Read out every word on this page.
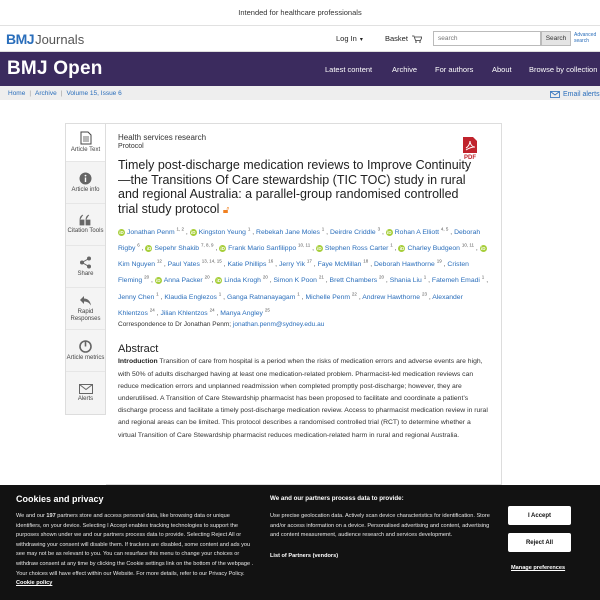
Intended for healthcare professionals
BMJ Journals	Log In ▾	Basket
search	Search	Advanced search
BMJ Open	Latest content	Archive For authors About Browse by collection
Home | Archive | Volume 15, Issue 6	Email alerts
Article Text
Article info
Citation Tools
Share
Rapid Responses
Article metrics
Alerts
Health services research
Protocol
PDF
Timely post-discharge medication reviews to Improve Continuity—the Transitions Of Care stewardship (TIC TOC) study in rural and regional Australia: a parallel-group randomised controlled trial study protocol 🔓︎
iD Jonathan Penm $^{1, 2}$ , iD Kingston Yeung $^1$ , Rebekah Jane Moles $^1$ , Deirdre Criddle $^3$ , iD Rohan A Elliott $^{4, 5}$ , Deborah Rigby $^6$ , iD Sepehr Shakib $^{7, 8, 9}$ , iD Frank Mario Sanfilippo $^{10, 11}$ , iD Stephen Ross Carter $^1$ , iD Charley Budgeon $^{10, 11}$ , iDKim Nguyen $^{12}$ , Paul Yates $^{13, 14, 15}$ , Katie Phillips $^{16}$ , Jerry Yik $^{17}$ , Faye McMillan $^{18}$ , Deborah Hawthorne $^{19}$ , Cristen Fleming $^{20}$ , iD Anna Packer $^{20}$ , iD Linda Krogh $^{20}$ , Simon K Poon $^{21}$ , Brett Chambers $^{20}$ , Shania Liu $^1$ , Fatemeh Emadi $^1$ , Jenny Chen $^1$ , Klaudia Englezos $^1$ , Ganga Ratnanayagam $^1$ , Michelle Penm $^{22}$ , Andrew Hawthorne $^{23}$ , Alexander Khlentzos $^{24}$ , Jilian Khlentzos $^{24}$ , Manya Angley $^{25}$
Correspondence to Dr Jonathan Penm; jonathan.penm@sydney.edu.au
Abstract
Introduction Transition of care from hospital is a period when the risks of medication errors and adverse events are high, with 50% of adults discharged having at least one medication-related problem. Pharmacist-led medication reviews can reduce medication errors and unplanned readmission when completed promptly post-discharge; however, they are underutilised. A Transition of Care Stewardship pharmacist has been proposed to facilitate and coordinate a patient’s discharge process and facilitate a timely post-discharge medication review. Access to pharmacist medication review in rural and regional areas can be limited. This protocol describes a randomised controlled trial (RCT) to determine whether a virtual Transition of Care Stewardship pharmacist reduces medication-related harm in rural and regional Australia.
Cookies and privacy
We and our 197 partners store and access personal data, like browsing data or unique identifiers, on your device. Selecting I Accept enables tracking technologies to support the purposes shown under we and our partners process data to provide. Selecting Reject All or withdrawing your consent will disable them. If trackers are disabled, some content and ads you see may not be as relevant to you. You can resurface this menu to change your choices or withdraw consent at any time by clicking the Cookie settings link on the bottom of the webpage . Your choices will have effect within our Website. For more details, refer to our Privacy Policy. Cookie policy
We and our partners process data to provide:
Use precise geolocation data. Actively scan device characteristics for identification. Store and/or access information on a device. Personalised advertising and content, advertising and content measurement, audience research and services development.
List of Partners (vendors)
I Accept
Reject All
Manage preferences
